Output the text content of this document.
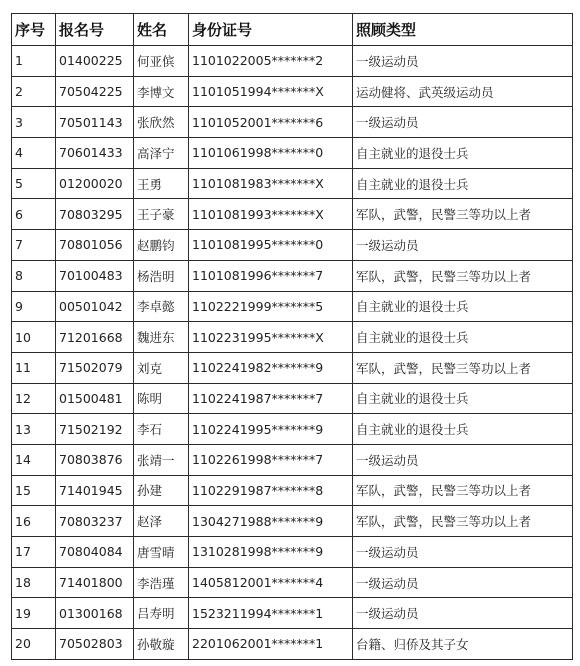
序号	报名号	姓名	身份证号	照顾类型
1	01400225	何亚傧	1101022005*******2	一级运动员
2	70504225	李博文	1101051994*******X	运动健将、武英级运动员
3	70501143	张欣然	1101052001*******6	一级运动员
4	70601433	高泽宁	1101061998*******0	自主就业的退役士兵
5	01200020	王勇	1101081983*******X	自主就业的退役士兵
6	70803295	王子豪	1101081993*******X	军队，武警，民警三等功以上者
7	70801056	赵鹏钧	1101081995*******0	一级运动员
8	70100483	杨浩明	1101081996*******7	军队，武警，民警三等功以上者
9	00501042	李卓懿	1102221999*******5	自主就业的退役士兵
10	71201668	魏进东	1102231995*******X	自主就业的退役士兵
11	71502079	刘克	1102241982*******9	军队，武警，民警三等功以上者
12	01500481	陈明	1102241987*******7	自主就业的退役士兵
13	71502192	李石	1102241995*******9	自主就业的退役士兵
14	70803876	张靖一	1102261998*******7	一级运动员
15	71401945	孙建	1102291987*******8	军队，武警，民警三等功以上者
16	70803237	赵泽	1304271988*******9	军队，武警，民警三等功以上者
17	70804084	唐雪晴	1310281998*******9	一级运动员
18	71401800	李浩瑾	1405812001*******4	一级运动员
19	01300168	吕寿明	1523211994*******1	一级运动员
20	70502803	孙敬璇	2201062001*******1	台籍、归侨及其子女
